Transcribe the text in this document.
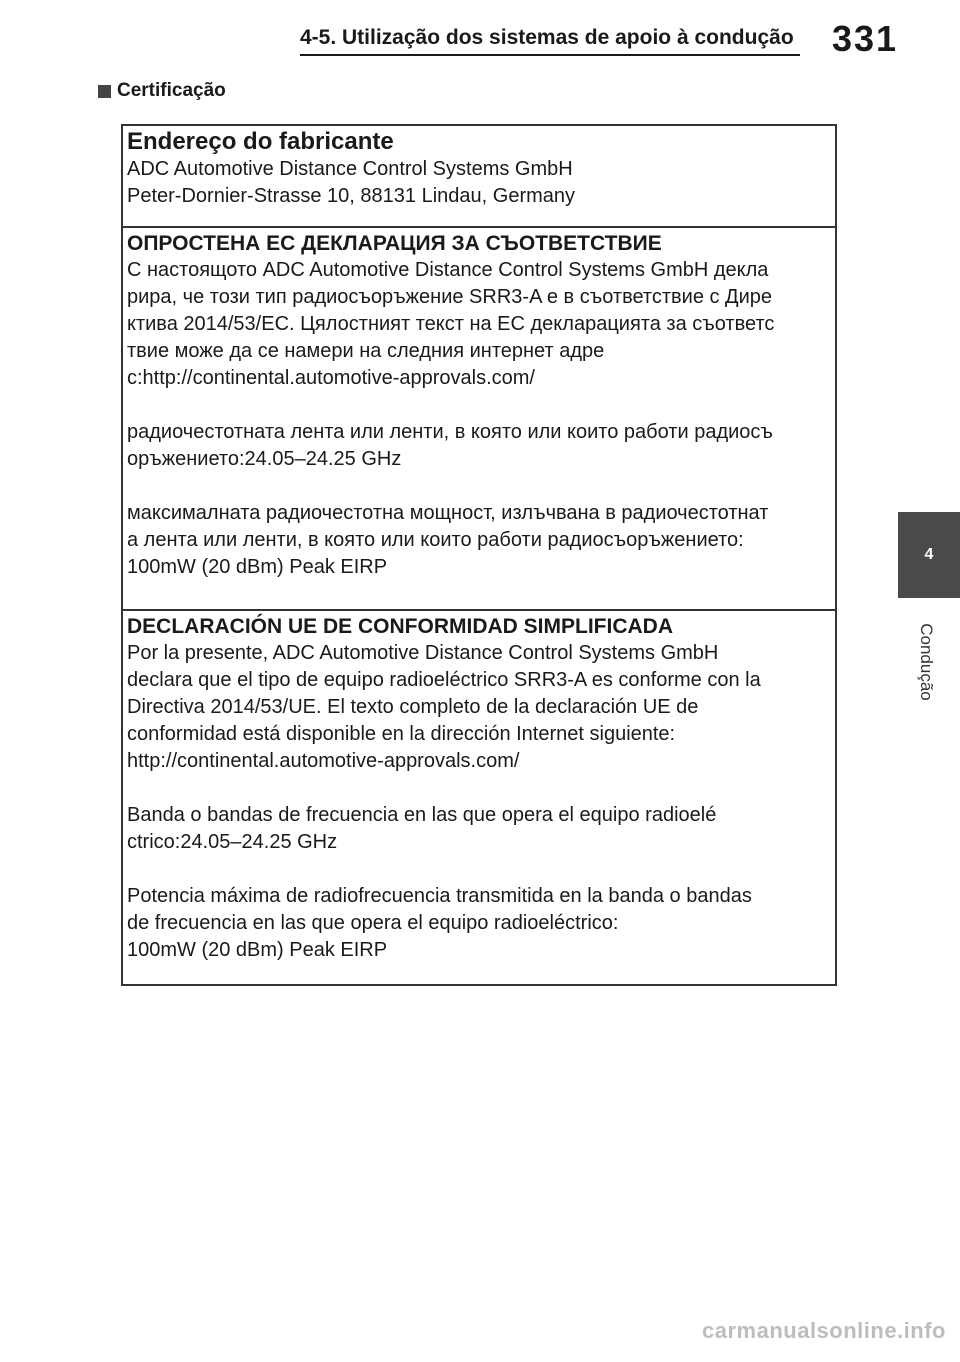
4-5. Utilização dos sistemas de apoio à condução 331
Certificação
Endereço do fabricante
ADC Automotive Distance Control Systems GmbH
Peter-Dornier-Strasse 10, 88131 Lindau, Germany
ОПРОСТЕНА ЕС ДЕКЛАРАЦИЯ ЗА СЪОТВЕТСТВИЕ
С настоящото ADC Automotive Distance Control Systems GmbH декла
рира, че този тип радиосъоръжение SRR3-A е в съответствие с Дире
ктива 2014/53/ЕС. Цялостният текст на ЕС декларацията за съответс
твие може да се намери на следния интернет адре
с:http://continental.automotive-approvals.com/
радиочестотната лента или ленти, в която или които работи радиосъ
оръжението:24.05–24.25 GHz
максималната радиочестотна мощност, излъчвана в радиочестотнат
а лента или ленти, в която или които работи радиосъоръжението:
100mW (20 dBm) Peak EIRP
DECLARACIÓN UE DE CONFORMIDAD SIMPLIFICADA
Por la presente, ADC Automotive Distance Control Systems GmbH
declara que el tipo de equipo radioeléctrico SRR3-A es conforme con la
Directiva 2014/53/UE. El texto completo de la declaración UE de
conformidad está disponible en la dirección Internet siguiente:
http://continental.automotive-approvals.com/
Banda o bandas de frecuencia en las que opera el equipo radioelé
ctrico:24.05–24.25 GHz
Potencia máxima de radiofrecuencia transmitida en la banda o bandas
de frecuencia en las que opera el equipo radioeléctrico:
100mW (20 dBm) Peak EIRP
4
Condução
carmanualsonline.info
